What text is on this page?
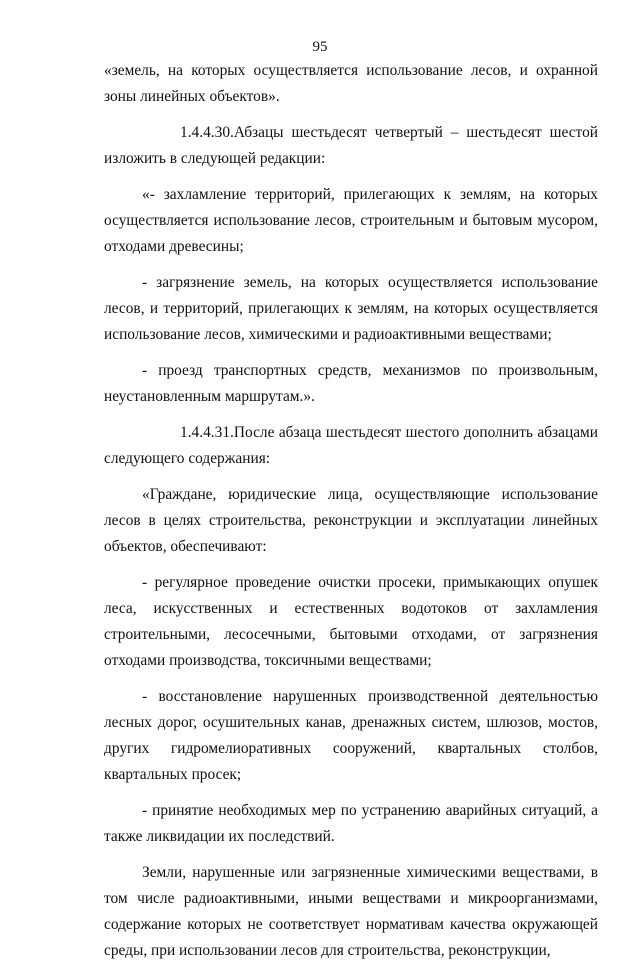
95

«земель, на которых осуществляется использование лесов, и охранной зоны линейных объектов».

1.4.4.30.Абзацы шестьдесят четвертый – шестьдесят шестой изложить в следующей редакции:

«- захламление территорий, прилегающих к землям, на которых осуществляется использование лесов, строительным и бытовым мусором, отходами древесины;

- загрязнение земель, на которых осуществляется использование лесов, и территорий, прилегающих к землям, на которых осуществляется использование лесов, химическими и радиоактивными веществами;

- проезд транспортных средств, механизмов по произвольным, неустановленным маршрутам.».

1.4.4.31.После абзаца шестьдесят шестого дополнить абзацами следующего содержания:

«Граждане, юридические лица, осуществляющие использование лесов в целях строительства, реконструкции и эксплуатации линейных объектов, обеспечивают:

- регулярное проведение очистки просеки, примыкающих опушек леса, искусственных и естественных водотоков от захламления строительными, лесосечными, бытовыми отходами, от загрязнения отходами производства, токсичными веществами;

- восстановление нарушенных производственной деятельностью лесных дорог, осушительных канав, дренажных систем, шлюзов, мостов, других гидромелиоративных сооружений, квартальных столбов, квартальных просек;

- принятие необходимых мер по устранению аварийных ситуаций, а также ликвидации их последствий.

Земли, нарушенные или загрязненные химическими веществами, в том числе радиоактивными, иными веществами и микроорганизмами, содержание которых не соответствует нормативам качества окружающей среды, при использовании лесов для строительства, реконструкции,
